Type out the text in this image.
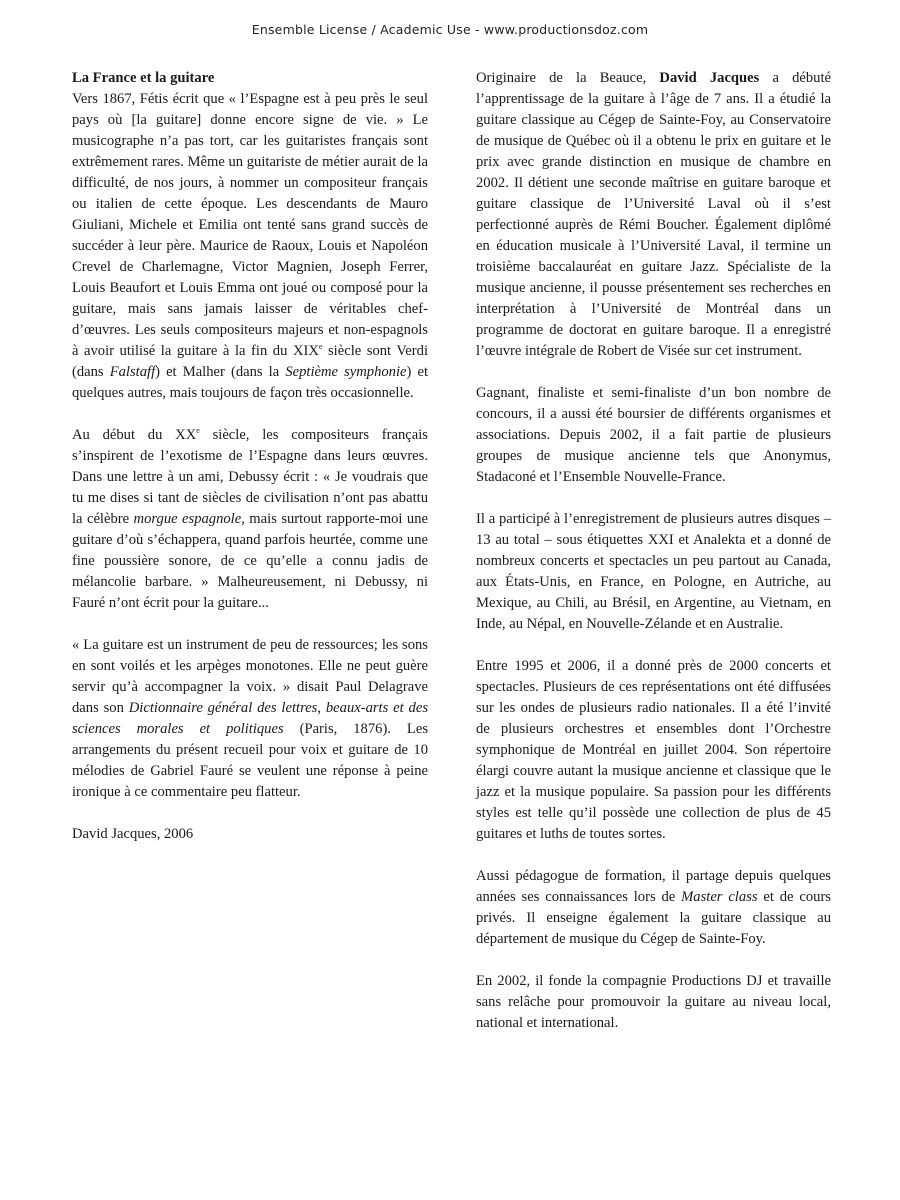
Ensemble License / Academic Use - www.productionsdoz.com

La France et la guitare
Vers 1867, Fétis écrit que « l’Espagne est à peu près le seul pays où [la guitare] donne encore signe de vie. » Le musicographe n’a pas tort, car les guitaristes français sont extrêmement rares. Même un guitariste de métier aurait de la difficulté, de nos jours, à nommer un compositeur français ou italien de cette époque. Les descendants de Mauro Giuliani, Michele et Emilia ont tenté sans grand succès de succéder à leur père. Maurice de Raoux, Louis et Napoléon Crevel de Charlemagne, Victor Magnien, Joseph Ferrer, Louis Beaufort et Louis Emma ont joué ou composé pour la guitare, mais sans jamais laisser de véritables chef-d’œuvres. Les seuls compositeurs majeurs et non-espagnols à avoir utilisé la guitare à la fin du XIXe siècle sont Verdi (dans Falstaff) et Malher (dans la Septième symphonie) et quelques autres, mais toujours de façon très occasionnelle.

Au début du XXe siècle, les compositeurs français s’inspirent de l’exotisme de l’Espagne dans leurs œuvres. Dans une lettre à un ami, Debussy écrit : « Je voudrais que tu me dises si tant de siècles de civilisation n’ont pas abattu la célèbre morgue espagnole, mais surtout rapporte-moi une guitare d’où s’échappera, quand parfois heurtée, comme une fine poussière sonore, de ce qu’elle a connu jadis de mélancolie barbare. » Malheureusement, ni Debussy, ni Fauré n’ont écrit pour la guitare...

« La guitare est un instrument de peu de ressources; les sons en sont voilés et les arpèges monotones. Elle ne peut guère servir qu’à accompagner la voix. » disait Paul Delagrave dans son Dictionnaire général des lettres, beaux-arts et des sciences morales et politiques (Paris, 1876). Les arrangements du présent recueil pour voix et guitare de 10 mélodies de Gabriel Fauré se veulent une réponse à peine ironique à ce commentaire peu flatteur.

David Jacques, 2006

Originaire de la Beauce, David Jacques a débuté l’apprentissage de la guitare à l’âge de 7 ans. Il a étudié la guitare classique au Cégep de Sainte-Foy, au Conservatoire de musique de Québec où il a obtenu le prix en guitare et le prix avec grande distinction en musique de chambre en 2002. Il détient une seconde maîtrise en guitare baroque et guitare classique de l’Université Laval où il s’est perfectionné auprès de Rémi Boucher. Également diplômé en éducation musicale à l’Université Laval, il termine un troisième baccalauréat en guitare Jazz. Spécialiste de la musique ancienne, il pousse présentement ses recherches en interprétation à l’Université de Montréal dans un programme de doctorat en guitare baroque. Il a enregistré l’œuvre intégrale de Robert de Visée sur cet instrument.

Gagnant, finaliste et semi-finaliste d’un bon nombre de concours, il a aussi été boursier de différents organismes et associations. Depuis 2002, il a fait partie de plusieurs groupes de musique ancienne tels que Anonymus, Stadaconé et l’Ensemble Nouvelle-France.

Il a participé à l’enregistrement de plusieurs autres disques – 13 au total – sous étiquettes XXI et Analekta et a donné de nombreux concerts et spectacles un peu partout au Canada, aux États-Unis, en France, en Pologne, en Autriche, au Mexique, au Chili, au Brésil, en Argentine, au Vietnam, en Inde, au Népal, en Nouvelle-Zélande et en Australie.

Entre 1995 et 2006, il a donné près de 2000 concerts et spectacles. Plusieurs de ces représentations ont été diffusées sur les ondes de plusieurs radio nationales. Il a été l’invité de plusieurs orchestres et ensembles dont l’Orchestre symphonique de Montréal en juillet 2004. Son répertoire élargi couvre autant la musique ancienne et classique que le jazz et la musique populaire. Sa passion pour les différents styles est telle qu’il possède une collection de plus de 45 guitares et luths de toutes sortes.

Aussi pédagogue de formation, il partage depuis quelques années ses connaissances lors de Master class et de cours privés. Il enseigne également la guitare classique au département de musique du Cégep de Sainte-Foy.

En 2002, il fonde la compagnie Productions DJ et travaille sans relâche pour promouvoir la guitare au niveau local, national et international.
